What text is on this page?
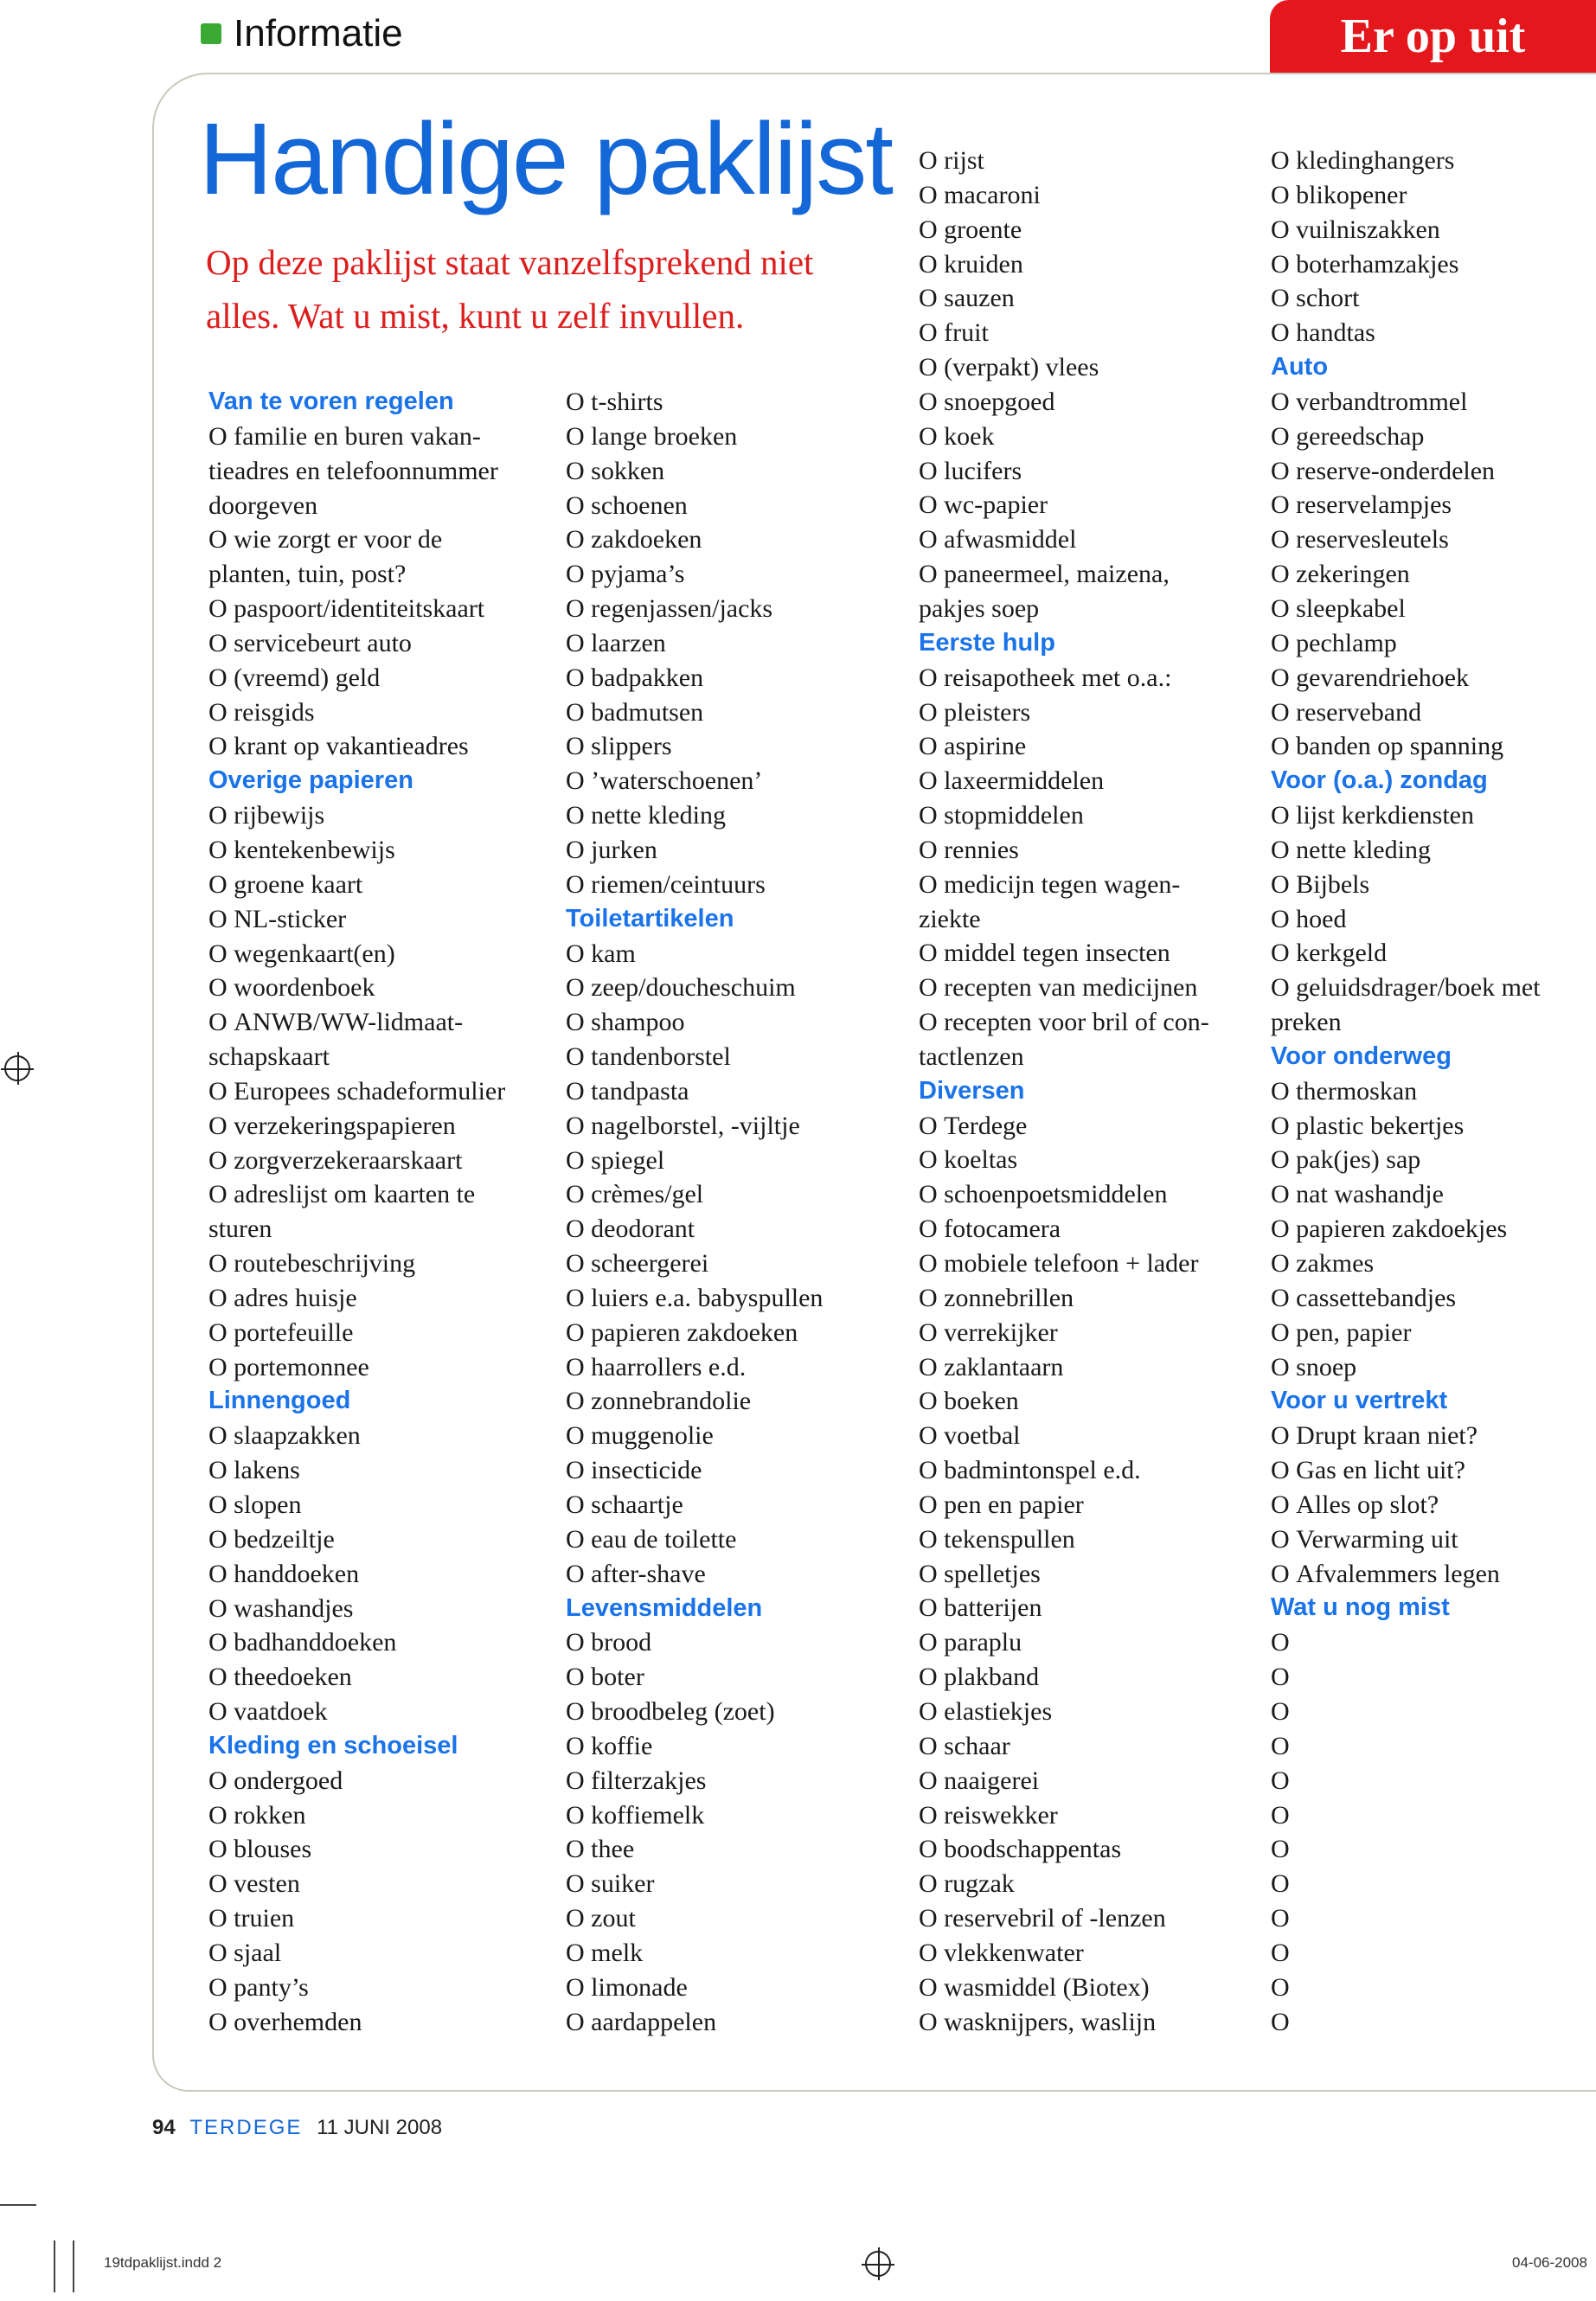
Informatie	Er op uit
Handige paklijst

Op deze paklijst staat vanzelfsprekend niet alles. Wat u mist, kunt u zelf invullen.

Van te voren regelen
O familie en buren vakan-
tieadres en telefoonnummer
doorgeven
O wie zorgt er voor de
planten, tuin, post?
O paspoort/identiteitskaart
O servicebeurt auto
O (vreemd) geld
O reisgids
O krant op vakantieadres
Overige papieren
O rijbewijs
O kentekenbewijs
O groene kaart
O NL-sticker
O wegenkaart(en)
O woordenboek
O ANWB/WW-lidmaat-
schapskaart
O Europees schadeformulier
O verzekeringspapieren
O zorgverzekeraarskaart
O adreslijst om kaarten te
sturen
O routebeschrijving
O adres huisje
O portefeuille
O portemonnee
Linnengoed
O slaapzakken
O lakens
O slopen
O bedzeiltje
O handdoeken
O washandjes
O badhanddoeken
O theedoeken
O vaatdoek
Kleding en schoeisel
O ondergoed
O rokken
O blouses
O vesten
O truien
O sjaal
O panty’s
O overhemden
O t-shirts
O lange broeken
O sokken
O schoenen
O zakdoeken
O pyjama’s
O regenjassen/jacks
O laarzen
O badpakken
O badmutsen
O slippers
O ’waterschoenen’
O nette kleding
O jurken
O riemen/ceintuurs
Toiletartikelen
O kam
O zeep/doucheschuim
O shampoo
O tandenborstel
O tandpasta
O nagelborstel, -vijltje
O spiegel
O crèmes/gel
O deodorant
O scheergerei
O luiers e.a. babyspullen
O papieren zakdoeken
O haarrollers e.d.
O zonnebrandolie
O muggenolie
O insecticide
O schaartje
O eau de toilette
O after-shave
Levensmiddelen
O brood
O boter
O broodbeleg (zoet)
O koffie
O filterzakjes
O koffiemelk
O thee
O suiker
O zout
O melk
O limonade
O aardappelen
O rijst
O macaroni
O groente
O kruiden
O sauzen
O fruit
O (verpakt) vlees
O snoepgoed
O koek
O lucifers
O wc-papier
O afwasmiddel
O paneermeel, maizena,
pakjes soep
Eerste hulp
O reisapotheek met o.a.:
O pleisters
O aspirine
O laxeermiddelen
O stopmiddelen
O rennies
O medicijn tegen wagen-
ziekte
O middel tegen insecten
O recepten van medicijnen
O recepten voor bril of con-
tactlenzen
Diversen
O Terdege
O koeltas
O schoenpoetsmiddelen
O fotocamera
O mobiele telefoon + lader
O zonnebrillen
O verrekijker
O zaklantaarn
O boeken
O voetbal
O badmintonspel e.d.
O pen en papier
O tekenspullen
O spelletjes
O batterijen
O paraplu
O plakband
O elastiekjes
O schaar
O naaigerei
O reiswekker
O boodschappentas
O rugzak
O reservebril of -lenzen
O vlekkenwater
O wasmiddel (Biotex)
O wasknijpers, waslijn
O kledinghangers
O blikopener
O vuilniszakken
O boterhamzakjes
O schort
O handtas
Auto
O verbandtrommel
O gereedschap
O reserve-onderdelen
O reservelampjes
O reservesleutels
O zekeringen
O sleepkabel
O pechlamp
O gevarendriehoek
O reserveband
O banden op spanning
Voor (o.a.) zondag
O lijst kerkdiensten
O nette kleding
O Bijbels
O hoed
O kerkgeld
O geluidsdrager/boek met
preken
Voor onderweg
O thermoskan
O plastic bekertjes
O pak(jes) sap
O nat washandje
O papieren zakdoekjes
O zakmes
O cassettebandjes
O pen, papier
O snoep
Voor u vertrekt
O Drupt kraan niet?
O Gas en licht uit?
O Alles op slot?
O Verwarming uit
O Afvalemmers legen
Wat u nog mist
O
O
O
O
O
O
O
O
O
O
O
O
94 TERDEGE 11 JUNI 2008
19tdpaklijst.indd 2	04-06-2008
